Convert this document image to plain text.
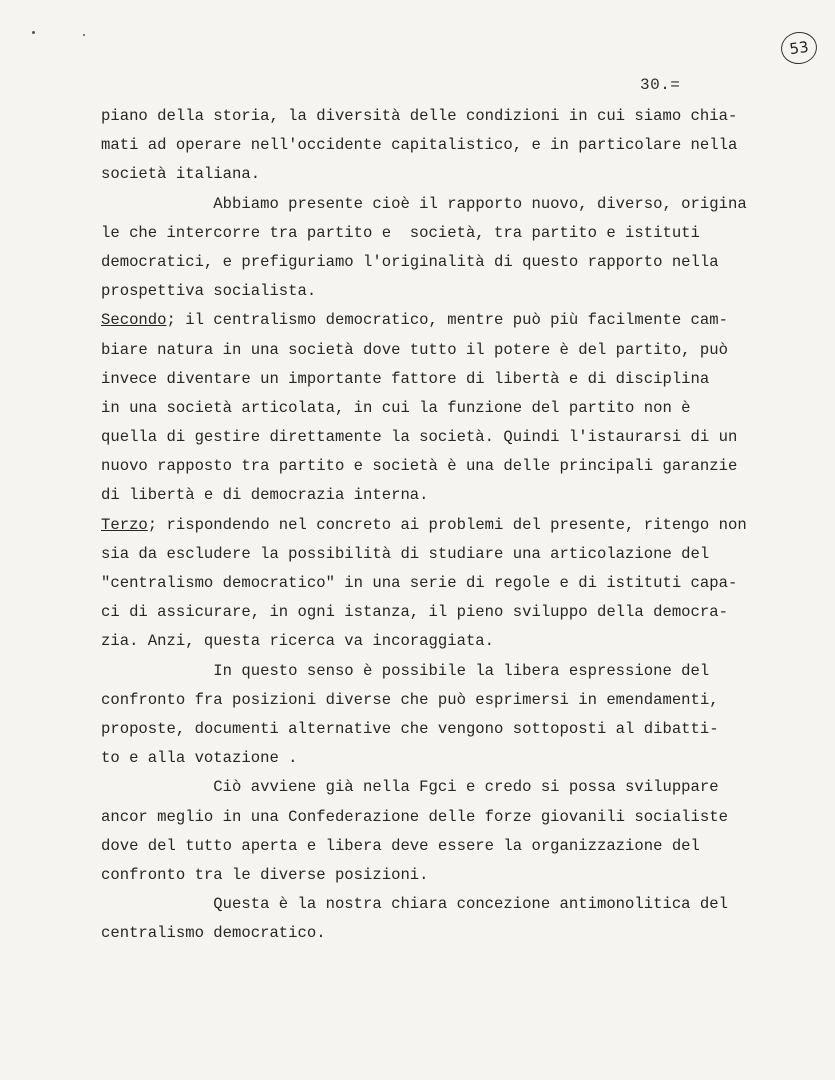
53
30.=
piano della storia, la diversità delle condizioni in cui siamo chia-
mati ad operare nell'occidente capitalistico, e in particolare nella
società italiana.
Abbiamo presente cioè il rapporto nuovo, diverso, origina
le che intercorre tra partito e  società, tra partito e istituti
democratici, e prefiguriamo l'originalità di questo rapporto nella
prospettiva socialista.
Secondo; il centralismo democratico, mentre può più facilmente cam-
biare natura in una società dove tutto il potere è del partito, può
invece diventare un importante fattore di libertà e di disciplina
in una società articolata, in cui la funzione del partito non è
quella di gestire direttamente la società. Quindi l'istaurarsi di un
nuovo rapposto tra partito e società è una delle principali garanzie
di libertà e di democrazia interna.
Terzo; rispondendo nel concreto ai problemi del presente, ritengo non
sia da escludere la possibilità di studiare una articolazione del
"centralismo democratico" in una serie di regole e di istituti capa-
ci di assicurare, in ogni istanza, il pieno sviluppo della democra-
zia. Anzi, questa ricerca va incoraggiata.
In questo senso è possibile la libera espressione del
confronto fra posizioni diverse che può esprimersi in emendamenti,
proposte, documenti alternative che vengono sottoposti al dibatti-
to e alla votazione .
Ciò avviene già nella Fgci e credo si possa sviluppare
ancor meglio in una Confederazione delle forze giovanili socialiste
dove del tutto aperta e libera deve essere la organizzazione del
confronto tra le diverse posizioni.
Questa è la nostra chiara concezione antimonolitica del
centralismo democratico.
